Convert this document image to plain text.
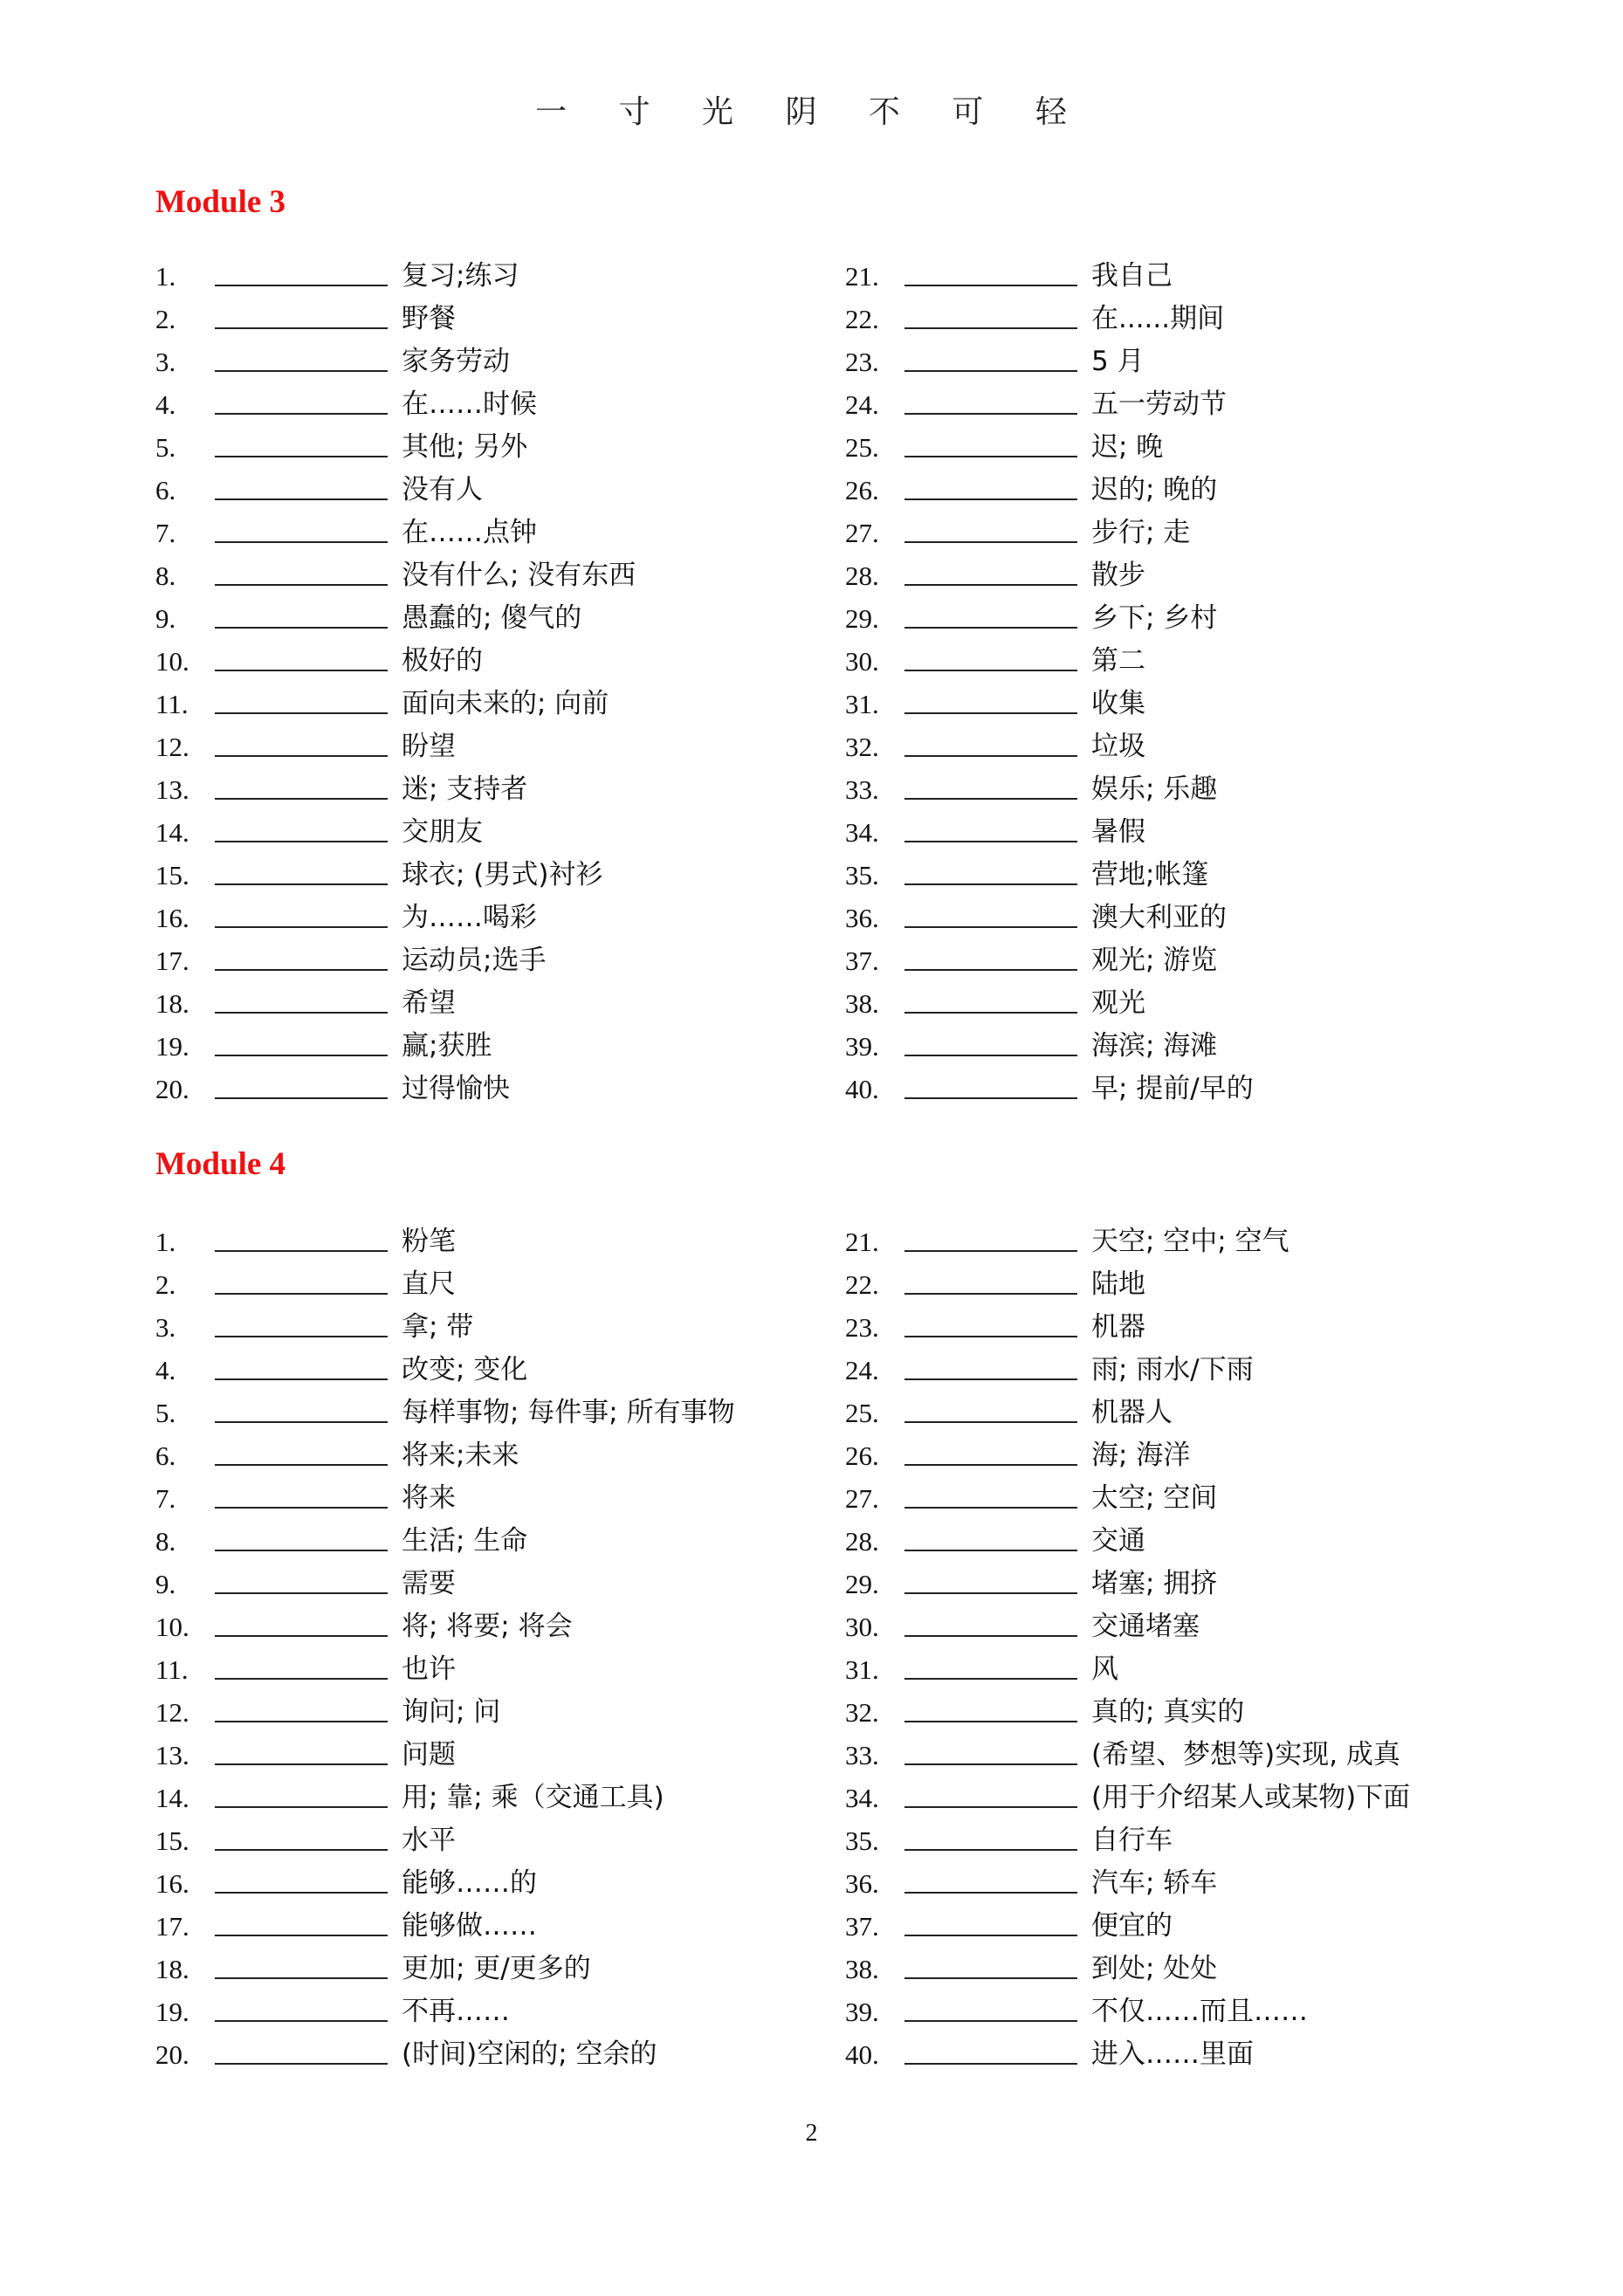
一 寸 光 阴 不 可 轻
Module 3
1.	复习;练习
2.	野餐
3.	家务劳动
4.	在……时候
5.	其他; 另外
6.	没有人
7.	在……点钟
8.	没有什么; 没有东西
9.	愚蠢的; 傻气的
10.	极好的
11.	面向未来的; 向前
12.	盼望
13.	迷; 支持者
14.	交朋友
15.	球衣; (男式)衬衫
16.	为……喝彩
17.	运动员;选手
18.	希望
19.	赢;获胜
20.	过得愉快
21.	我自己
22.	在......期间
23.	5 月
24.	五一劳动节
25.	迟; 晚
26.	迟的; 晚的
27.	步行; 走
28.	散步
29.	乡下; 乡村
30.	第二
31.	收集
32.	垃圾
33.	娱乐; 乐趣
34.	暑假
35.	营地;帐篷
36.	澳大利亚的
37.	观光; 游览
38.	观光
39.	海滨; 海滩
40.	早; 提前/早的
Module 4
1.	粉笔
2.	直尺
3.	拿; 带
4.	改变; 变化
5.	每样事物; 每件事; 所有事物
6.	将来;未来
7.	将来
8.	生活; 生命
9.	需要
10.	将; 将要; 将会
11.	也许
12.	询问; 问
13.	问题
14.	用; 靠; 乘（交通工具)
15.	水平
16.	能够……的
17.	能够做……
18.	更加; 更/更多的
19.	不再……
20.	(时间)空闲的; 空余的
21.	天空; 空中; 空气
22.	陆地
23.	机器
24.	雨; 雨水/下雨
25.	机器人
26.	海; 海洋
27.	太空; 空间
28.	交通
29.	堵塞; 拥挤
30.	交通堵塞
31.	风
32.	真的; 真实的
33.	(希望、梦想等)实现, 成真
34.	(用于介绍某人或某物)下面
35.	自行车
36.	汽车; 轿车
37.	便宜的
38.	到处; 处处
39.	不仅……而且……
40.	进入……里面
2
